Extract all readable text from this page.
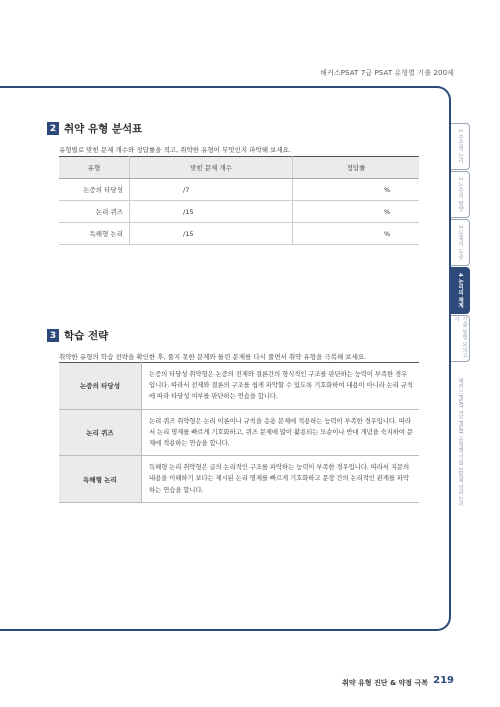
해커스PSAT 7급 PSAT 유형별 기출 200제
2 취약 유형 분석표
유형별로 맞힌 문제 개수와 정답률을 적고, 취약한 유형이 무엇인지 파악해 보세요.
유형	맞힌 문제 개수	정답률
논증의 타당성	/7	%
논리 퀴즈	/15	%
독해형 논리	/15	%
3 학습 전략
취약한 유형의 학습 전략을 확인한 후, 풀지 못한 문제와 틀린 문제를 다시 풀면서 취약 유형을 극복해 보세요.
논증의 타당성	논증의 타당성 취약형은 논증의 전제와 결론간의 형식적인 구조를 판단하는 능력이 부족한 경우입니다. 따라서 전제와 결론의 구조를 쉽게 파악할 수 있도록 기호화하여 내용이 아니라 논리 규칙에 따라 타당성 여부를 판단하는 연습을 합니다.
논리 퀴즈	논리 퀴즈 취약형은 논리 이론이나 규칙을 응용 문제에 적용하는 능력이 부족한 경우입니다. 따라서 논리 명제를 빠르게 기호화하고, 퀴즈 문제에 많이 활용되는 모순이나 반대 개념을 숙지하여 문제에 적용하는 연습을 합니다.
독해형 논리	독해형 논리 취약형은 글의 논리적인 구조를 파악하는 능력이 부족한 경우입니다. 따라서 지문의 내용을 이해하기 보다는 제시된 논리 명제를 빠르게 기호화하고 문장 간의 논리적인 관계를 파악하는 연습을 합니다.
1 추론형 논리
2 논증의 방향
3 문제의 도출
4 논리의 체계
기출 동형 모의고사
해커스PSAT 7급 PSAT 유형별 기출 200제 언어논리
취약 유형 진단 & 약점 극복 219
